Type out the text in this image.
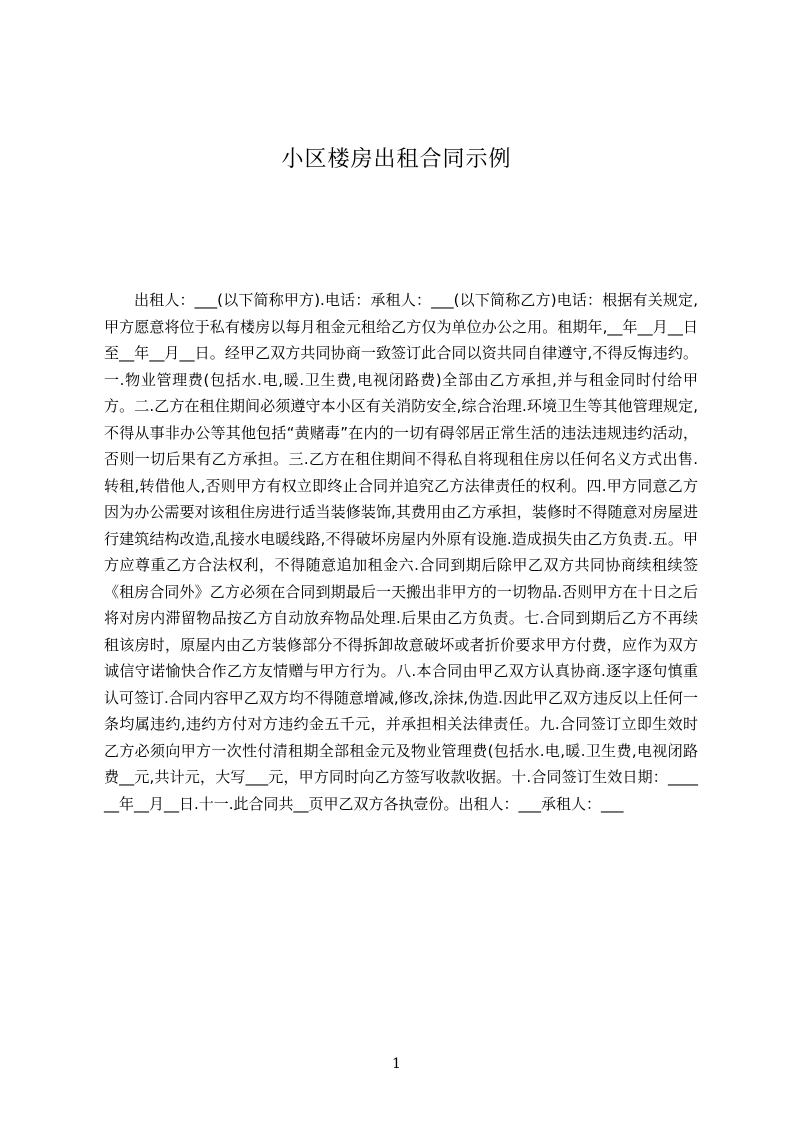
小区楼房出租合同示例

出租人：___(以下简称甲方).电话：承租人：___(以下简称乙方)电话：根据有关规定,甲方愿意将位于私有楼房以每月租金元租给乙方仅为单位办公之用。租期年,__年__月__日至__年__月__日。经甲乙双方共同协商一致签订此合同以资共同自律遵守,不得反悔违约。一.物业管理费(包括水.电,暖.卫生费,电视闭路费)全部由乙方承担,并与租金同时付给甲方。二.乙方在租住期间必须遵守本小区有关消防安全,综合治理.环境卫生等其他管理规定,不得从事非办公等其他包括“黄赌毒”在内的一切有碍邻居正常生活的违法违规违约活动，否则一切后果有乙方承担。三.乙方在租住期间不得私自将现租住房以任何名义方式出售.转租,转借他人,否则甲方有权立即终止合同并追究乙方法律责任的权利。四.甲方同意乙方因为办公需要对该租住房进行适当装修装饰,其费用由乙方承担，装修时不得随意对房屋进行建筑结构改造,乱接水电暖线路,不得破坏房屋内外原有设施.造成损失由乙方负责.五。甲方应尊重乙方合法权利，不得随意追加租金六.合同到期后除甲乙双方共同协商续租续签《租房合同外》乙方必须在合同到期最后一天搬出非甲方的一切物品.否则甲方在十日之后将对房内滞留物品按乙方自动放弃物品处理.后果由乙方负责。七.合同到期后乙方不再续租该房时，原屋内由乙方装修部分不得拆卸故意破坏或者折价要求甲方付费，应作为双方诚信守诺愉快合作乙方友情赠与甲方行为。八.本合同由甲乙双方认真协商.逐字逐句慎重认可签订.合同内容甲乙双方均不得随意增减,修改,涂抹,伪造.因此甲乙双方违反以上任何一条均属违约,违约方付对方违约金五千元，并承担相关法律责任。九.合同签订立即生效时乙方必须向甲方一次性付清租期全部租金元及物业管理费(包括水.电,暖.卫生费,电视闭路费__元,共计元，大写___元，甲方同时向乙方签写收款收据。十.合同签订生效日期：______年__月__日.十一.此合同共__页甲乙双方各执壹份。出租人：___承租人：___

1
